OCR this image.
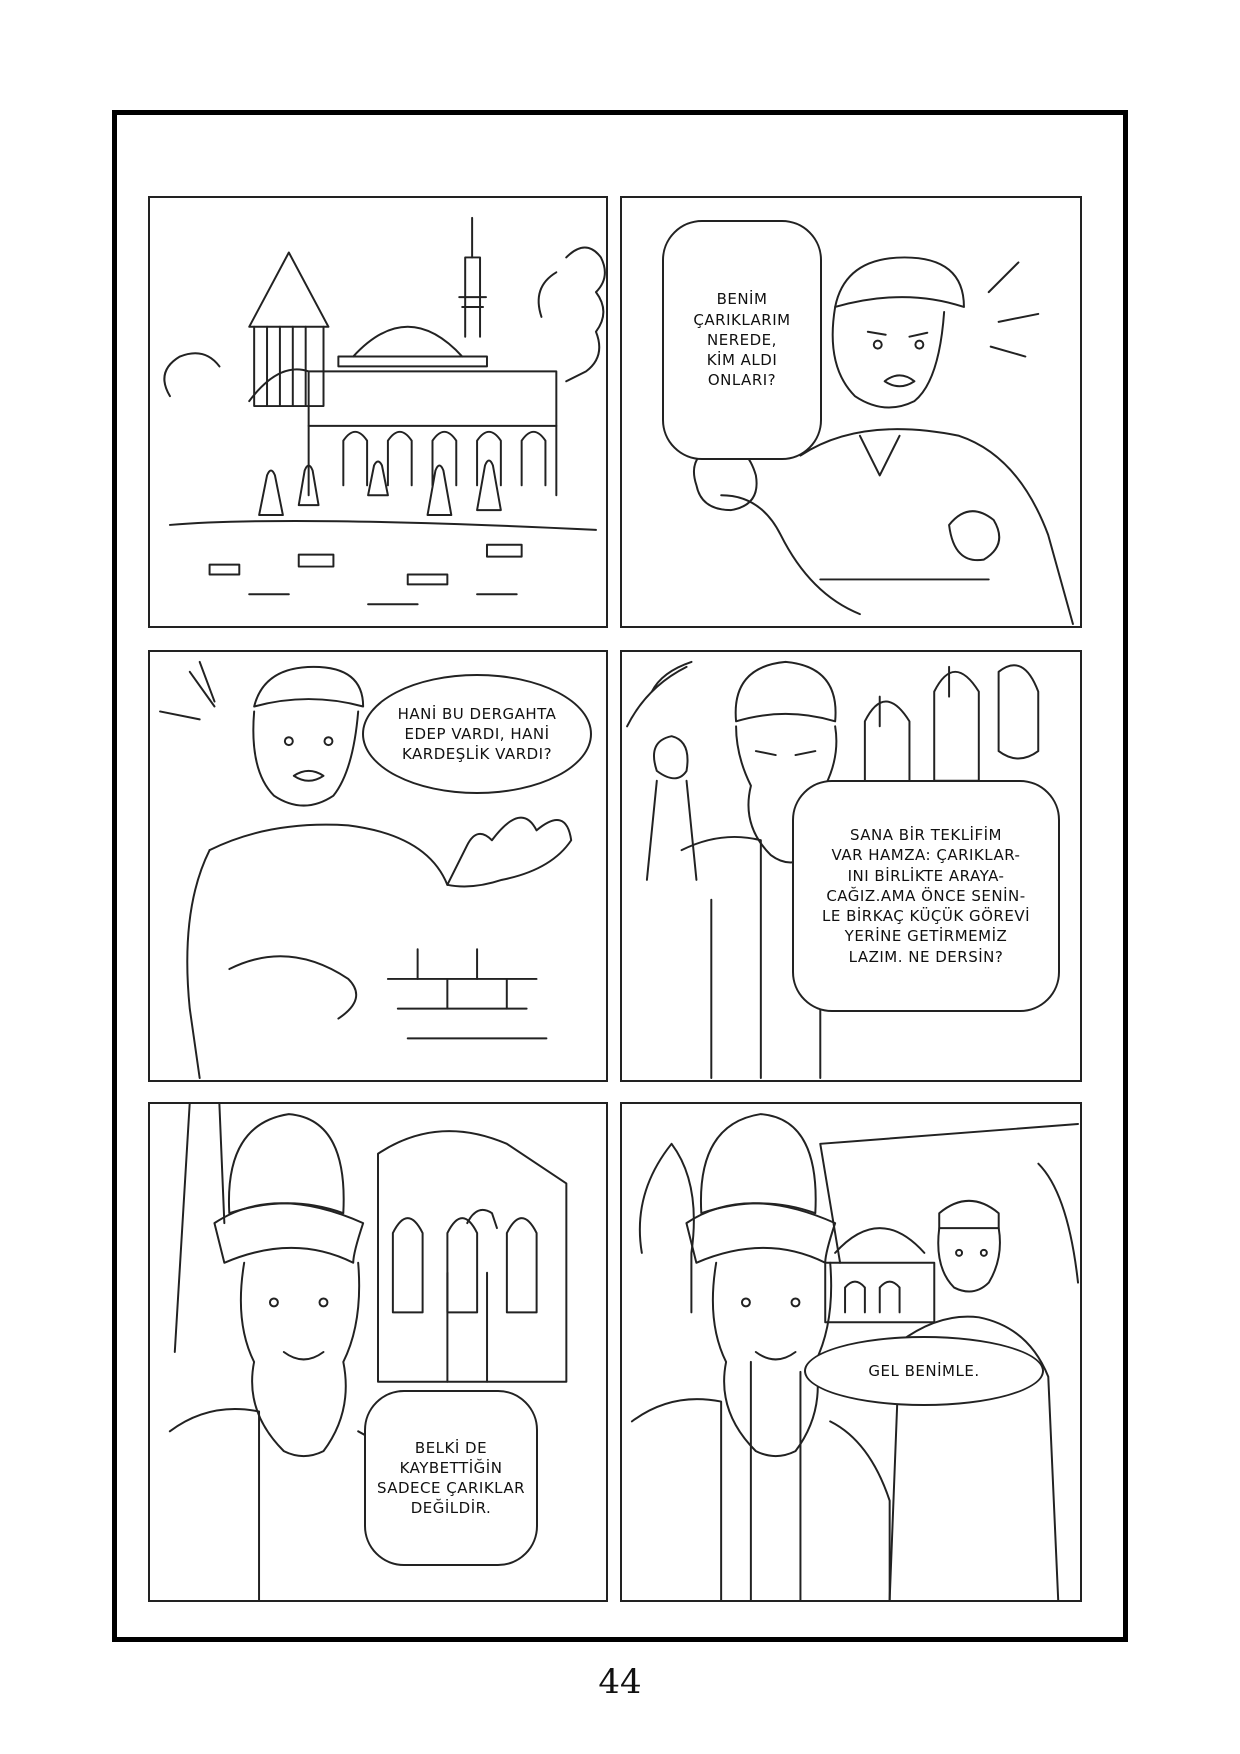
BENİM
ÇARIKLARIM
NEREDE,
KİM ALDI
ONLARI?
HANİ BU DERGAHTA
EDEP VARDI, HANİ
KARDEŞLİK VARDI?
SANA BİR TEKLİFİM
VAR HAMZA: ÇARIKLAR-
INI BİRLİKTE ARAYA-
CAĞIZ.AMA ÖNCE SENİN-
LE BİRKAÇ KÜÇÜK GÖREVİ
YERİNE GETİRMEMİZ
LAZIM. NE DERSİN?
BELKİ DE
KAYBETTİĞİN
SADECE ÇARIKLAR
DEĞİLDİR.
GEL BENİMLE.
44
